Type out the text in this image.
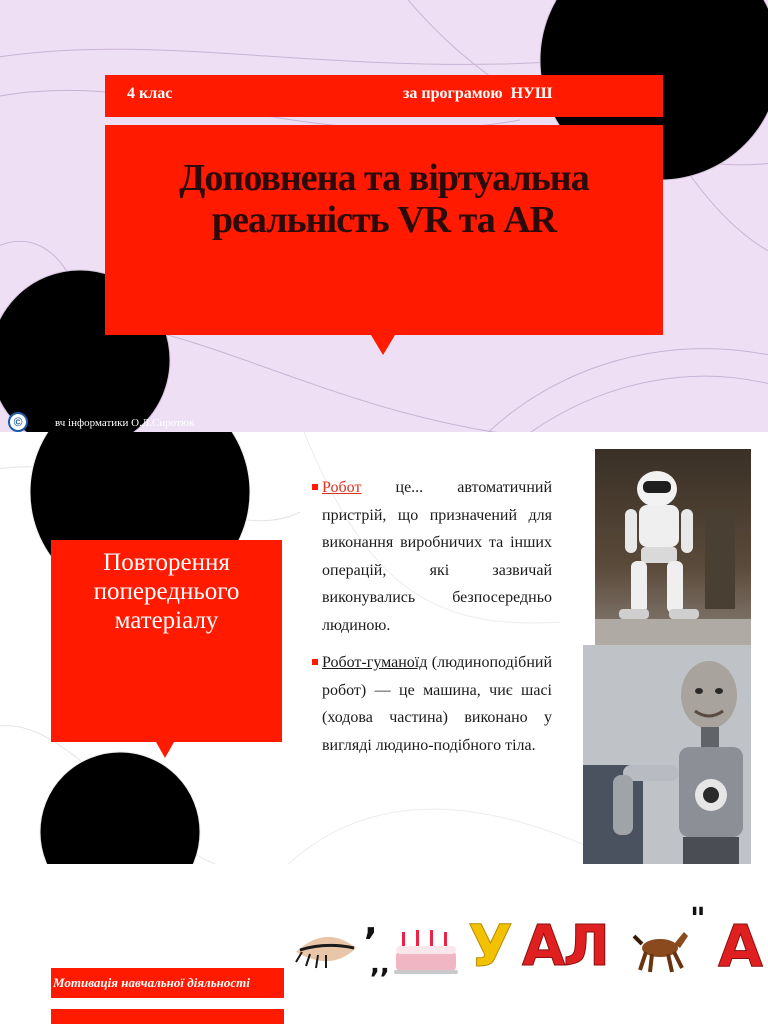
4 клас	за програмою  НУШ
Доповнена та віртуальна реальність VR та AR
©	вч інформатики О.Л.Сиротюк
Повторення попереднього матеріалу
Робот це... автоматичний пристрій, що призначений для виконання виробничих та інших операцій, які зазвичай виконувались безпосередньо людиною.
Робот-гуманоїд (людиноподібний робот) — це машина, чиє шасі (ходова частина) виконано у вигляді людино-подібного тіла.
Мотивація навчальної діяльності
,
,, У АЛ	" А
